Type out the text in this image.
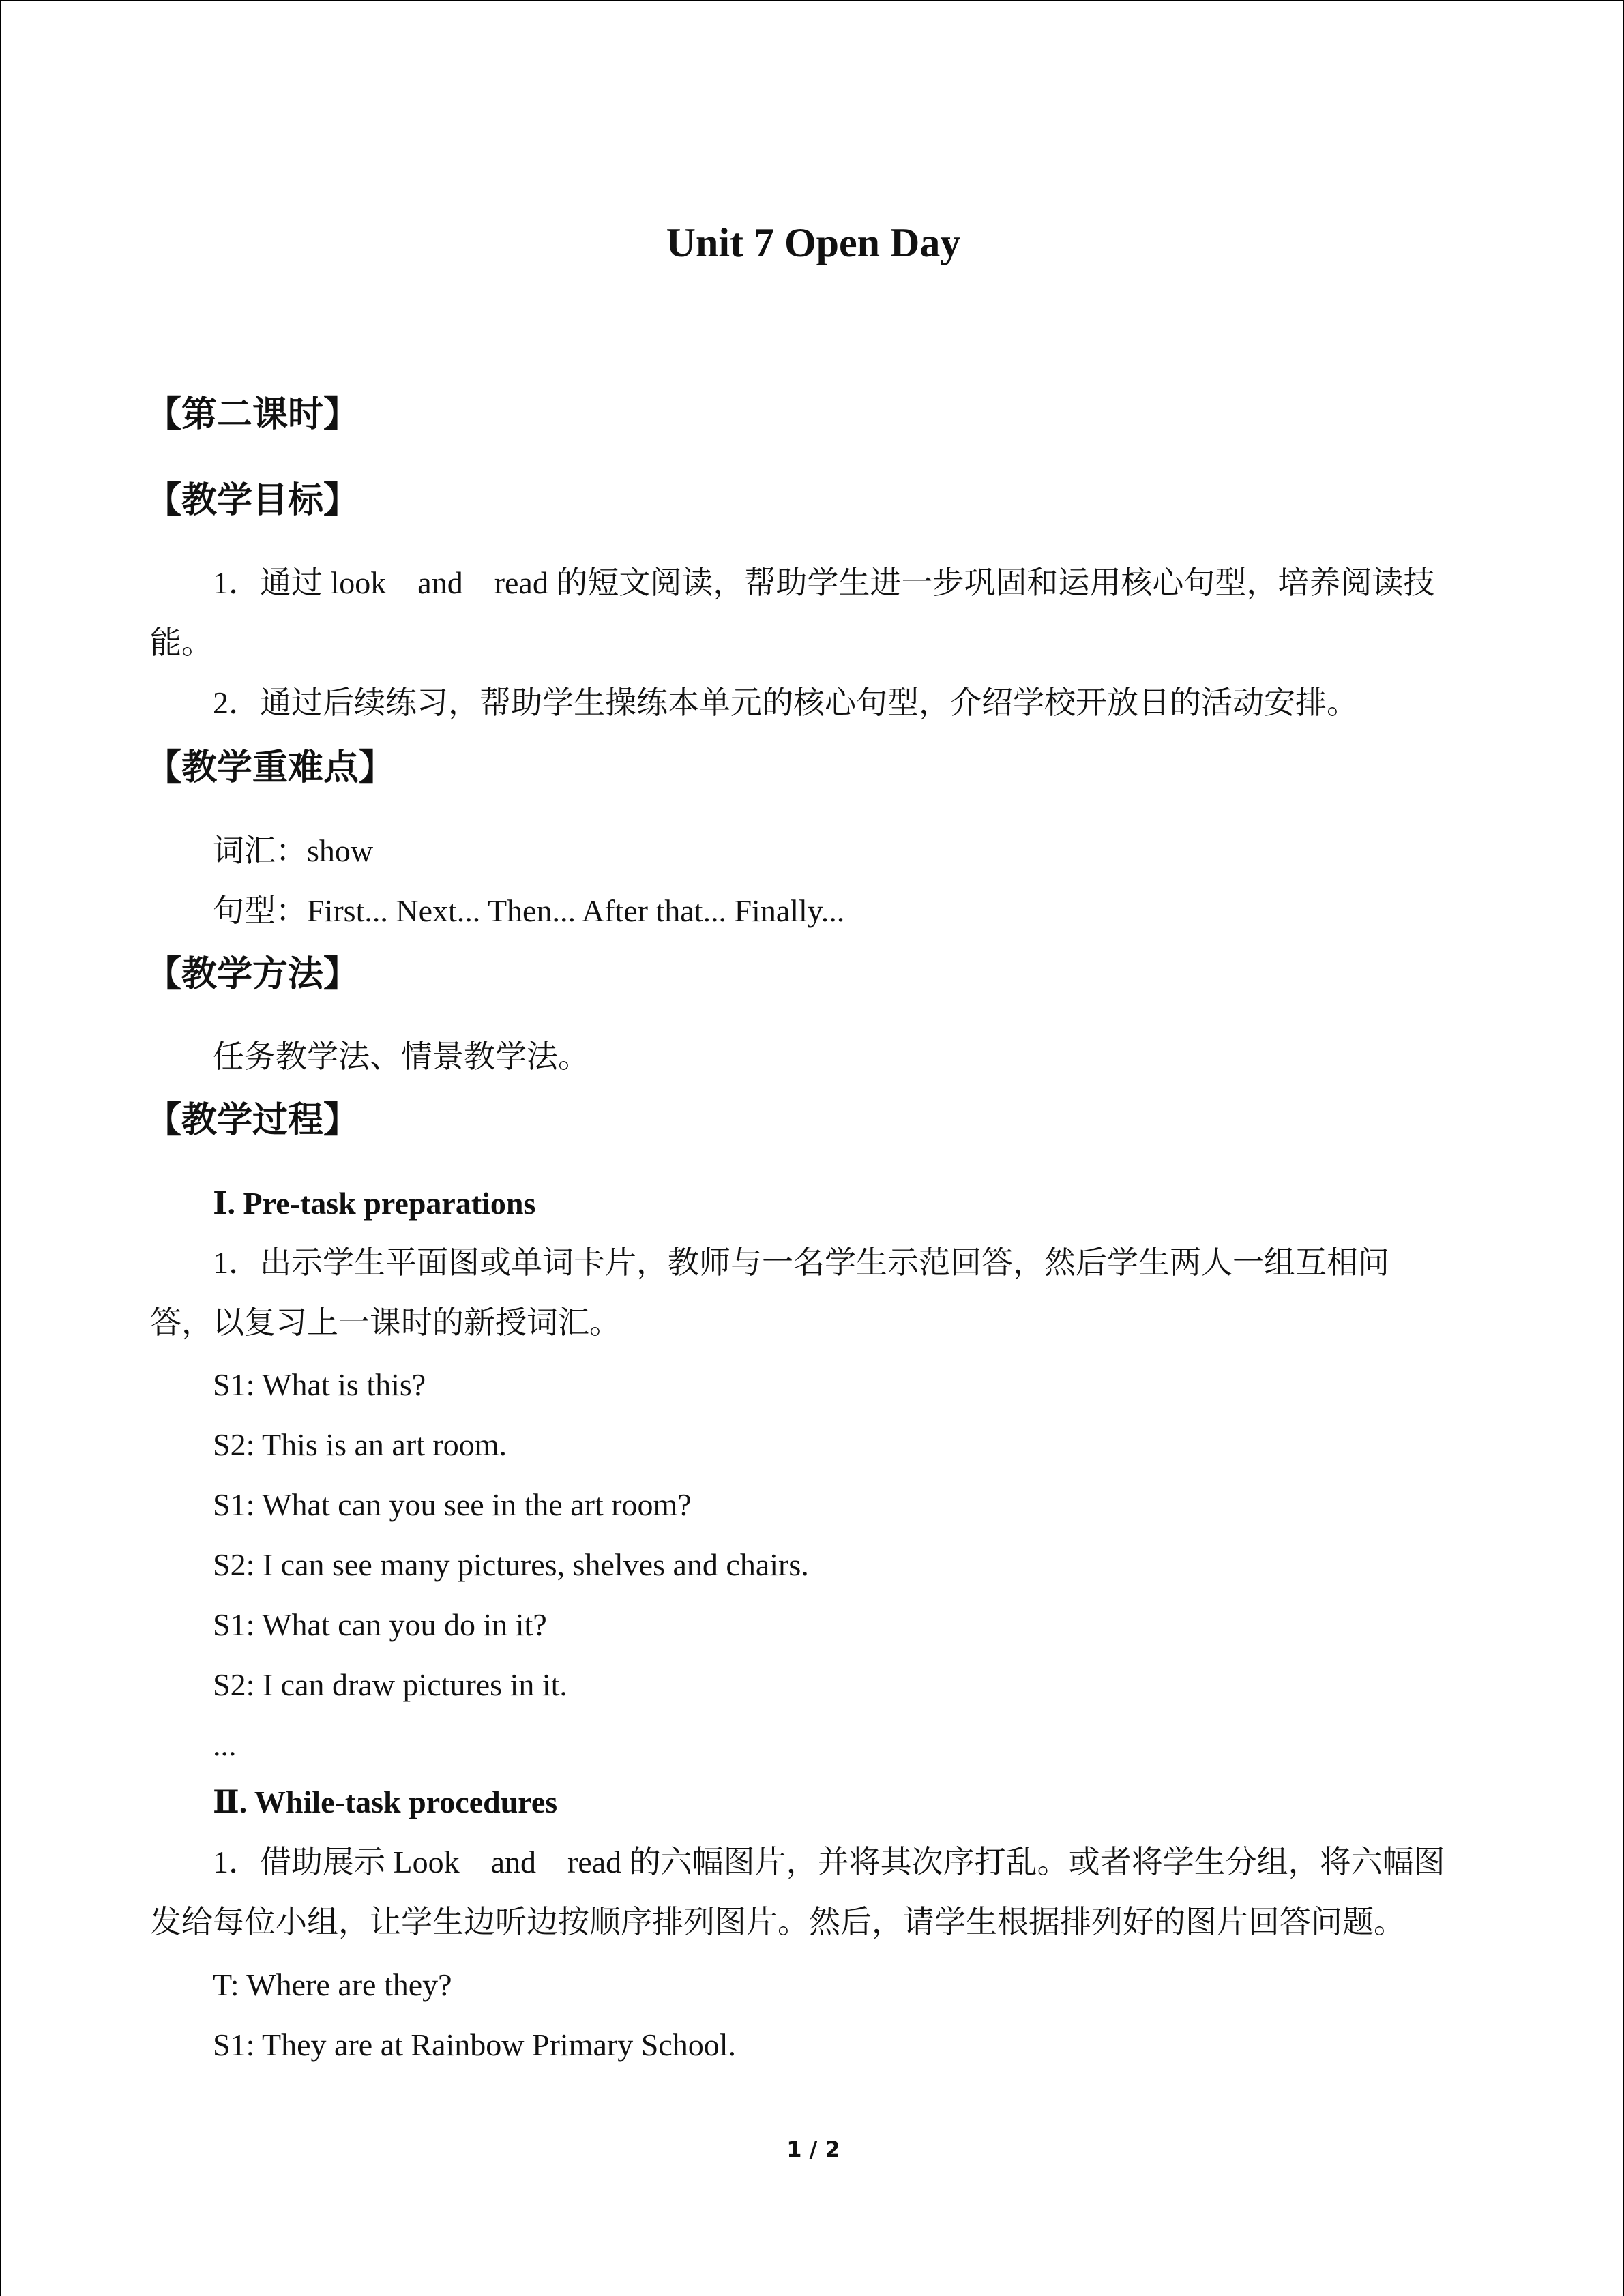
Unit 7 Open Day
【第二课时】
【教学目标】
1．通过 look　and　read 的短文阅读，帮助学生进一步巩固和运用核心句型，培养阅读技
能。
2．通过后续练习，帮助学生操练本单元的核心句型，介绍学校开放日的活动安排。
【教学重难点】
词汇：show
句型：First... Next... Then... After that... Finally...
【教学方法】
任务教学法、情景教学法。
【教学过程】
Ⅰ. Pre-task preparations
1．出示学生平面图或单词卡片，教师与一名学生示范回答，然后学生两人一组互相问
答，以复习上一课时的新授词汇。
S1: What is this?
S2: This is an art room.
S1: What can you see in the art room?
S2: I can see many pictures, shelves and chairs.
S1: What can you do in it?
S2: I can draw pictures in it.
...
Ⅱ. While-task procedures
1．借助展示 Look　and　read 的六幅图片，并将其次序打乱。或者将学生分组，将六幅图
发给每位小组，让学生边听边按顺序排列图片。然后，请学生根据排列好的图片回答问题。
T: Where are they?
S1: They are at Rainbow Primary School.
1 / 2
